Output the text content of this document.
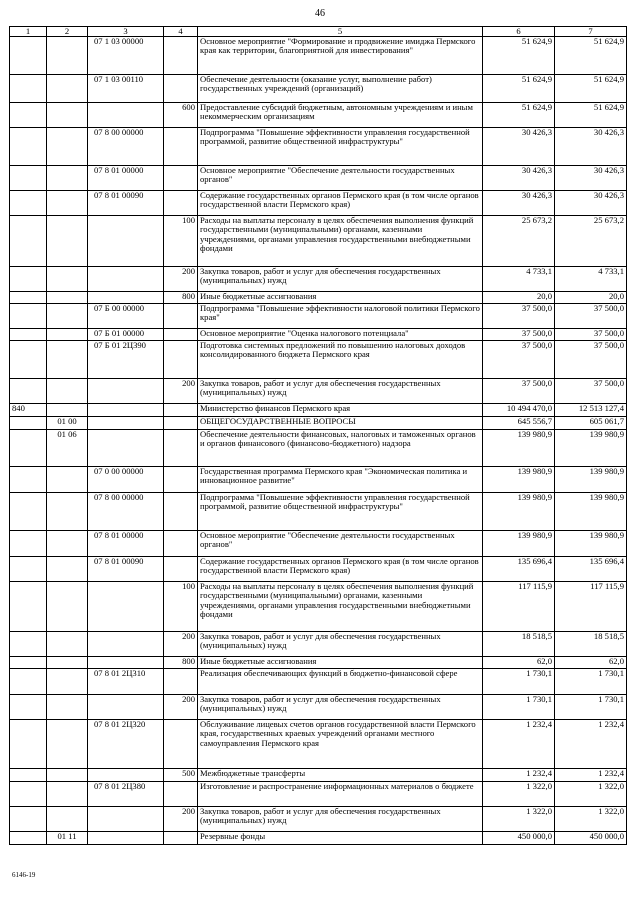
46
1	2	3	4	5	6	7
		07 1 03 00000		Основное мероприятие "Формирование и продвижение имиджа Пермского края как территории, благоприятной для инвестирования"	51 624,9	51 624,9
		07 1 03 00110		Обеспечение деятельности (оказание услуг, выполнение работ) государственных учреждений (организаций)	51 624,9	51 624,9
			600	Предоставление субсидий бюджетным, автономным учреждениям и иным некоммерческим организациям	51 624,9	51 624,9
		07 8 00 00000		Подпрограмма "Повышение эффективности управления государственной программой, развитие общественной инфраструктуры"	30 426,3	30 426,3
		07 8 01 00000		Основное мероприятие "Обеспечение деятельности государственных органов"	30 426,3	30 426,3
		07 8 01 00090		Содержание государственных органов Пермского края (в том числе органов государственной власти Пермского края)	30 426,3	30 426,3
			100	Расходы на выплаты персоналу в целях обеспечения выполнения функций государственными (муниципальными) органами, казенными учреждениями, органами управления государственными внебюджетными фондами	25 673,2	25 673,2
			200	Закупка товаров, работ и услуг для обеспечения государственных (муниципальных) нужд	4 733,1	4 733,1
			800	Иные бюджетные ассигнования	20,0	20,0
		07 Б 00 00000		Подпрограмма "Повышение эффективности налоговой политики Пермского края"	37 500,0	37 500,0
		07 Б 01 00000		Основное мероприятие "Оценка налогового потенциала"	37 500,0	37 500,0
		07 Б 01 2Ц390		Подготовка системных предложений по повышению налоговых доходов консолидированного бюджета Пермского края	37 500,0	37 500,0
			200	Закупка товаров, работ и услуг для обеспечения государственных (муниципальных) нужд	37 500,0	37 500,0
840				Министерство финансов Пермского края	10 494 470,0	12 513 127,4
	01 00			ОБЩЕГОСУДАРСТВЕННЫЕ ВОПРОСЫ	645 556,7	605 061,7
	01 06			Обеспечение деятельности финансовых, налоговых и таможенных органов и органов финансового (финансово-бюджетного) надзора	139 980,9	139 980,9
		07 0 00 00000		Государственная программа Пермского края "Экономическая политика и инновационное развитие"	139 980,9	139 980,9
		07 8 00 00000		Подпрограмма "Повышение эффективности управления государственной программой, развитие общественной инфраструктуры"	139 980,9	139 980,9
		07 8 01 00000		Основное мероприятие "Обеспечение деятельности государственных органов"	139 980,9	139 980,9
		07 8 01 00090		Содержание государственных органов Пермского края (в том числе органов государственной власти Пермского края)	135 696,4	135 696,4
			100	Расходы на выплаты персоналу в целях обеспечения выполнения функций государственными (муниципальными) органами, казенными учреждениями, органами управления государственными внебюджетными фондами	117 115,9	117 115,9
			200	Закупка товаров, работ и услуг для обеспечения государственных (муниципальных) нужд	18 518,5	18 518,5
			800	Иные бюджетные ассигнования	62,0	62,0
		07 8 01 2Ц310		Реализация обеспечивающих функций в бюджетно-финансовой сфере	1 730,1	1 730,1
			200	Закупка товаров, работ и услуг для обеспечения государственных (муниципальных) нужд	1 730,1	1 730,1
		07 8 01 2Ц320		Обслуживание лицевых счетов органов государственной власти Пермского края, государственных краевых учреждений органами местного самоуправления Пермского края	1 232,4	1 232,4
			500	Межбюджетные трансферты	1 232,4	1 232,4
		07 8 01 2Ц380		Изготовление и распространение информационных материалов о бюджете	1 322,0	1 322,0
			200	Закупка товаров, работ и услуг для обеспечения государственных (муниципальных) нужд	1 322,0	1 322,0
	01 11			Резервные фонды	450 000,0	450 000,0
6146-19
